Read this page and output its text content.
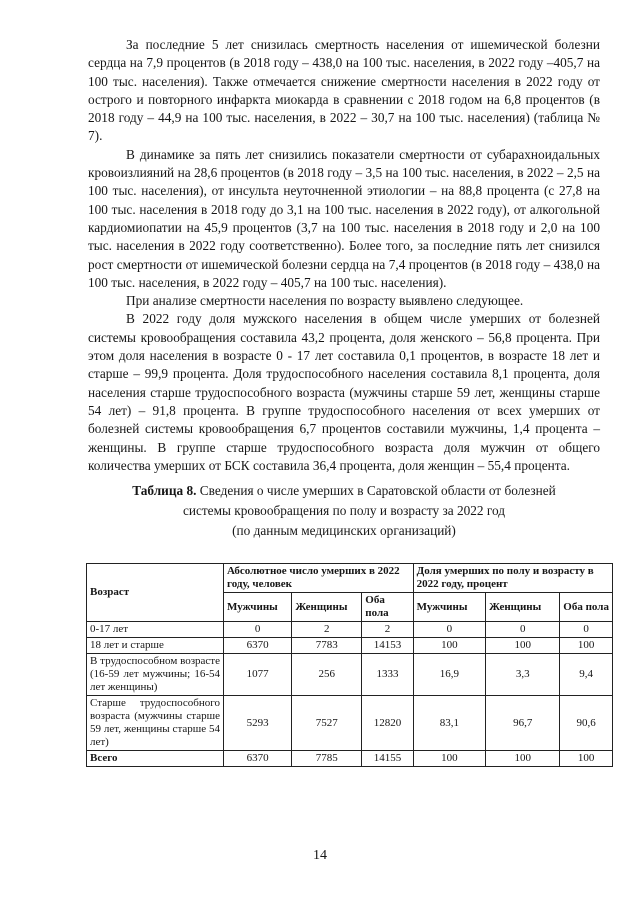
За последние 5 лет снизилась смертность населения от ишемической болезни сердца на 7,9 процентов (в 2018 году – 438,0 на 100 тыс. населения, в 2022 году –405,7 на 100 тыс. населения). Также отмечается снижение смертности населения в 2022 году от острого и повторного инфаркта миокарда в сравнении с 2018 годом на 6,8 процентов (в 2018 году – 44,9 на 100 тыс. населения, в 2022 – 30,7 на 100 тыс. населения) (таблица № 7).

В динамике за пять лет снизились показатели смертности от субарахноидальных кровоизлияний на 28,6 процентов (в 2018 году – 3,5 на 100 тыс. населения, в 2022 – 2,5 на 100 тыс. населения), от инсульта неуточненной этиологии – на 88,8 процента (с 27,8 на 100 тыс. населения в 2018 году до 3,1 на 100 тыс. населения в 2022 году), от алкогольной кардиомиопатии на 45,9 процентов (3,7 на 100 тыс. населения в 2018 году и 2,0 на 100 тыс. населения в 2022 году соответственно). Более того, за последние пять лет снизился рост смертности от ишемической болезни сердца на 7,4 процентов (в 2018 году – 438,0 на 100 тыс. населения, в 2022 году – 405,7 на 100 тыс. населения).

При анализе смертности населения по возрасту выявлено следующее.

В 2022 году доля мужского населения в общем числе умерших от болезней системы кровообращения составила 43,2 процента, доля женского – 56,8 процента. При этом доля населения в возрасте 0 - 17 лет составила 0,1 процентов, в возрасте 18 лет и старше – 99,9 процента. Доля трудоспособного населения составила 8,1 процента, доля населения старше трудоспособного возраста (мужчины старше 59 лет, женщины старше 54 лет) – 91,8 процента. В группе трудоспособного населения от всех умерших от болезней системы кровообращения 6,7 процентов составили мужчины, 1,4 процента – женщины. В группе старше трудоспособного возраста доля мужчин от общего количества умерших от БСК составила 36,4 процента, доля женщин – 55,4 процента.

Таблица 8. Сведения о числе умерших в Саратовской области от болезней
системы кровообращения по полу и возрасту за 2022 год
(по данным медицинских организаций)
Возраст	Абсолютное число умерших в 2022 году, человек			Доля умерших по полу и возрасту в 2022 году, процент		
	Мужчины	Женщины	Оба пола	Мужчины	Женщины	Оба пола
0-17 лет	0	2	2	0	0	0
18 лет и старше	6370	7783	14153	100	100	100
В трудоспособном возрасте (16-59 лет мужчины; 16-54 лет женщины)	1077	256	1333	16,9	3,3	9,4
Старше трудоспособного возраста (мужчины старше 59 лет, женщины старше 54 лет)	5293	7527	12820	83,1	96,7	90,6
Всего	6370	7785	14155	100	100	100
14
